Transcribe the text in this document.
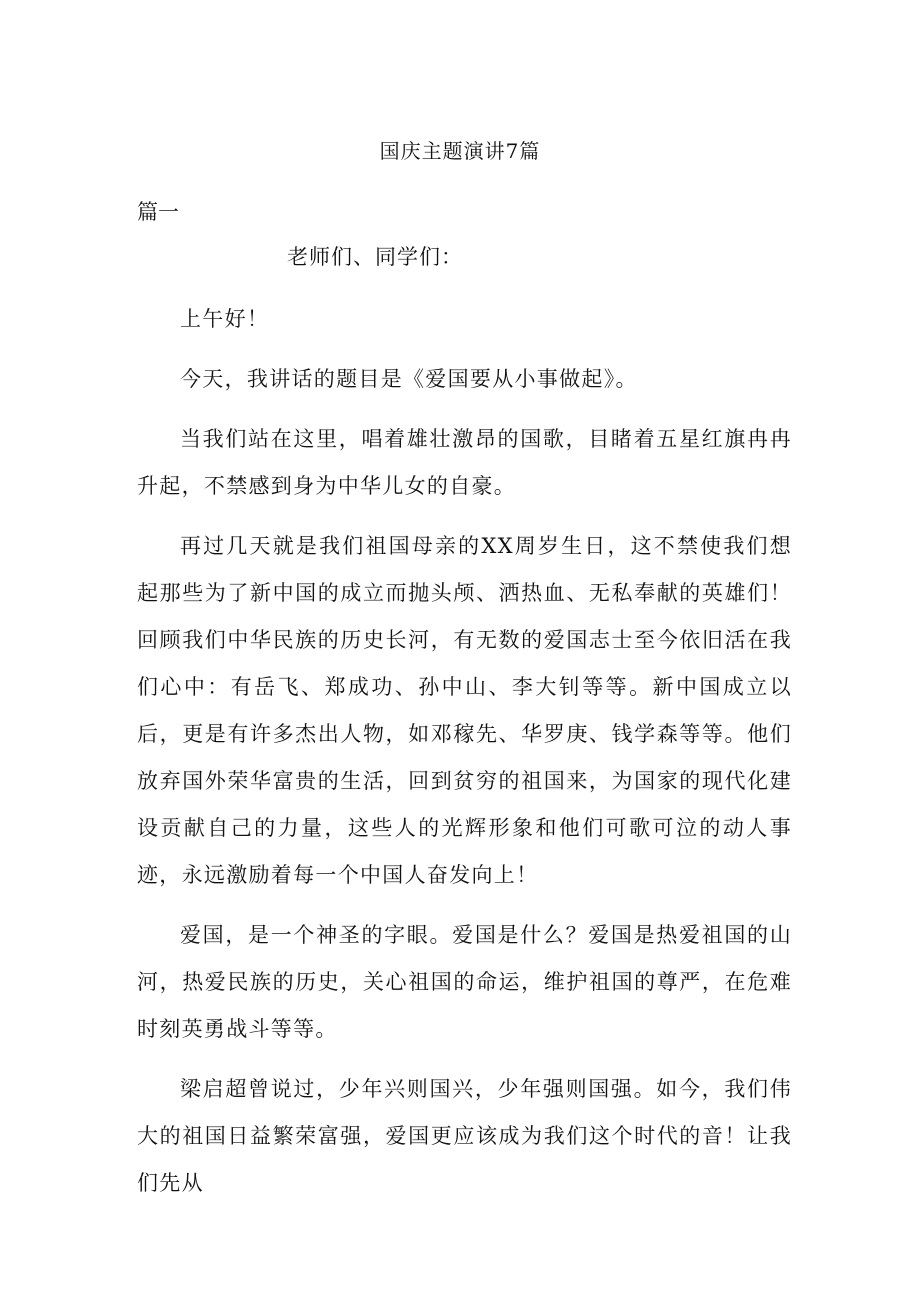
国庆主题演讲7篇
篇一
老师们、同学们：

上午好！

今天，我讲话的题目是《爱国要从小事做起》。

当我们站在这里，唱着雄壮激昂的国歌，目睹着五星红旗冉冉升起，不禁感到身为中华儿女的自豪。

再过几天就是我们祖国母亲的XX周岁生日，这不禁使我们想起那些为了新中国的成立而抛头颅、洒热血、无私奉献的英雄们！回顾我们中华民族的历史长河，有无数的爱国志士至今依旧活在我们心中：有岳飞、郑成功、孙中山、李大钊等等。新中国成立以后，更是有许多杰出人物，如邓稼先、华罗庚、钱学森等等。他们放弃国外荣华富贵的生活，回到贫穷的祖国来，为国家的现代化建设贡献自己的力量，这些人的光辉形象和他们可歌可泣的动人事迹，永远激励着每一个中国人奋发向上！

爱国，是一个神圣的字眼。爱国是什么？爱国是热爱祖国的山河，热爱民族的历史，关心祖国的命运，维护祖国的尊严，在危难时刻英勇战斗等等。

梁启超曾说过，少年兴则国兴，少年强则国强。如今，我们伟大的祖国日益繁荣富强，爱国更应该成为我们这个时代的音！让我们先从
